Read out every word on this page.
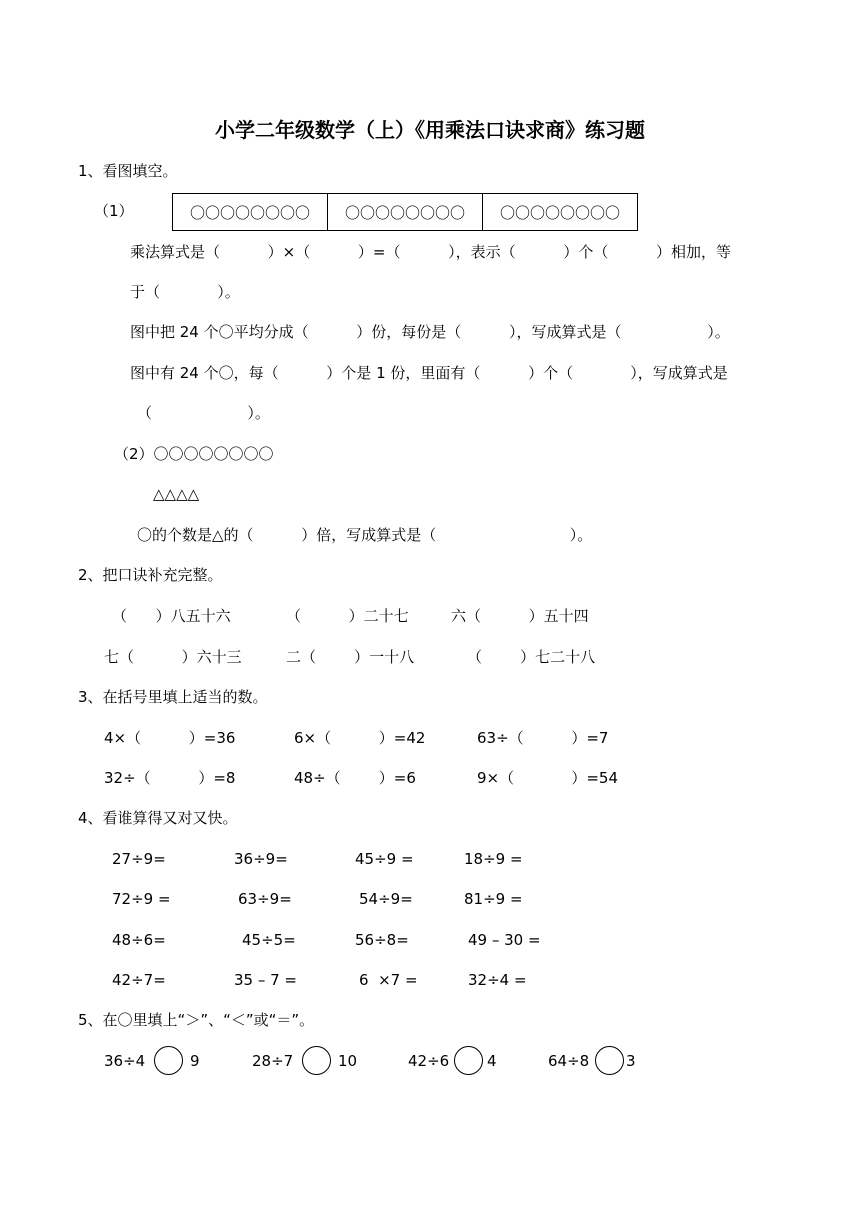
小学二年级数学（上）《用乘法口诀求商》练习题
1、看图填空。
（1）	〇〇〇〇〇〇〇〇	〇〇〇〇〇〇〇〇	〇〇〇〇〇〇〇〇
乘法算式是（          ）×（          ）=（          ），表示（          ）个（          ）相加，等
于（            ）。
图中把 24 个〇平均分成（          ）份，每份是（          ），写成算式是（                  ）。
图中有 24 个〇，每（          ）个是 1 份，里面有（          ）个（            ），写成算式是
（                    ）。
（2）〇〇〇〇〇〇〇〇
△△△△
〇的个数是△的（          ）倍，写成算式是（                            ）。
2、把口诀补充完整。
（      ）八五十六	（          ）二十七	六（          ）五十四
七（          ）六十三	二（        ）一十八	（        ）七二十八
3、在括号里填上适当的数。
4×（          ）=36	6×（          ）=42	63÷（          ）=7
32÷（          ）=8	48÷（        ）=6	9×（            ）=54
4、看谁算得又对又快。
27÷9=	36÷9=	45÷9 =	18÷9 =
72÷9 =	63÷9=	54÷9=	81÷9 =
48÷6=	45÷5=	56÷8=	49 – 30 =
42÷7=	35 – 7 =	6  ×7 =	32÷4 =
5、在〇里填上“＞”、“＜”或“＝”。
36÷4	9	28÷7	10	42÷6	4	64÷8 3
